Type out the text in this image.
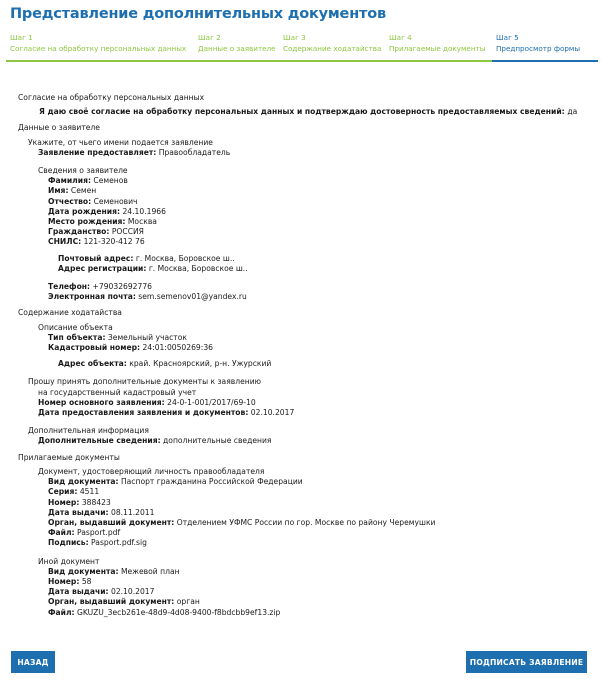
Представление дополнительных документов
Шаг 1
Согласие на обработку персональных данных
Шаг 2
Данные о заявителе
Шаг 3
Содержание ходатайства
Шаг 4
Прилагаемые документы
Шаг 5
Предпросмотр формы
Согласие на обработку персональных данных
Я даю своё согласие на обработку персональных данных и подтверждаю достоверность предоставляемых сведений: да
Данные о заявителе
Укажите, от чьего имени подается заявление
Заявление предоставляет: Правообладатель
Сведения о заявителе
Фамилия: Семенов
Имя: Семен
Отчество: Семенович
Дата рождения: 24.10.1966
Место рождения: Москва
Гражданство: РОССИЯ
СНИЛС: 121-320-412 76
Почтовый адрес: г. Москва, Боровское ш..
Адрес регистрации: г. Москва, Боровское ш..
Телефон: +79032692776
Электронная почта: sem.semenov01@yandex.ru
Содержание ходатайства
Описание объекта
Тип объекта: Земельный участок
Кадастровый номер: 24:01:0050269:36
Адрес объекта: край. Красноярский, р-н. Ужурский
Прошу принять дополнительные документы к заявлению
на государственный кадастровый учет
Номер основного заявления: 24-0-1-001/2017/69-10
Дата предоставления заявления и документов: 02.10.2017
Дополнительная информация
Дополнительные сведения: дополнительные сведения
Прилагаемые документы
Документ, удостоверяющий личность правообладателя
Вид документа: Паспорт гражданина Российской Федерации
Серия: 4511
Номер: 388423
Дата выдачи: 08.11.2011
Орган, выдавший документ: Отделением УФМС России по гор. Москве по району Черемушки
Файл: Pasport.pdf
Подпись: Pasport.pdf.sig
Иной документ
Вид документа: Межевой план
Номер: 58
Дата выдачи: 02.10.2017
Орган, выдавший документ: орган
Файл: GKUZU_3ecb261e-48d9-4d08-9400-f8bdcbb9ef13.zip
НАЗАД	ПОДПИСАТЬ ЗАЯВЛЕНИЕ
